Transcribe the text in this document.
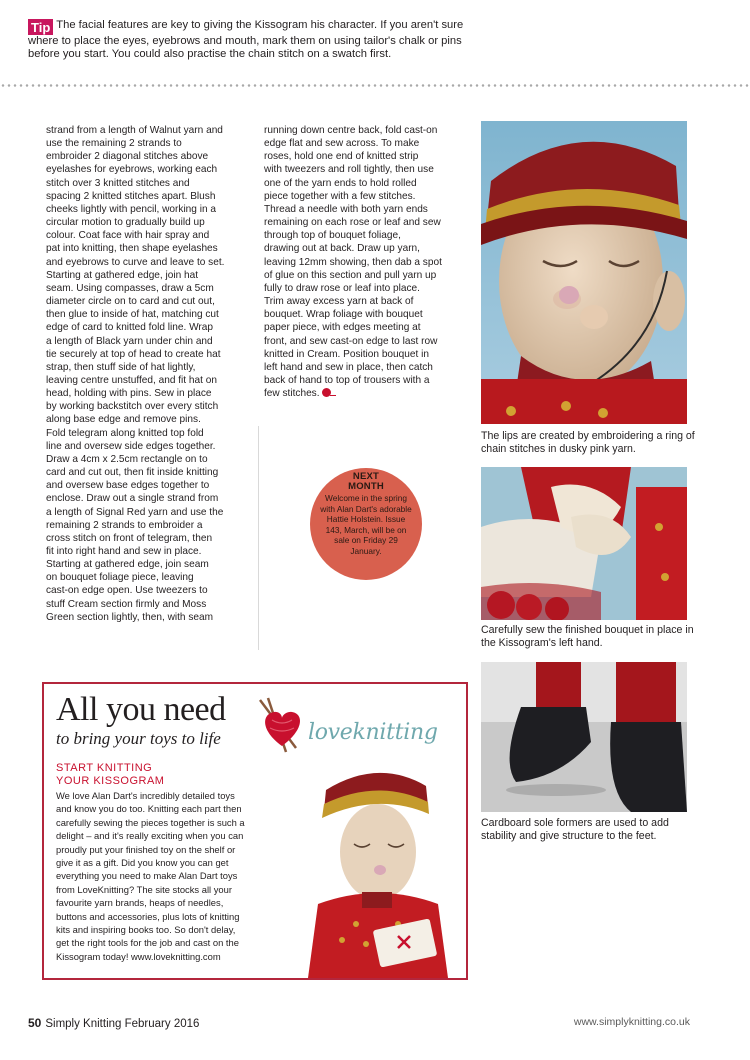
Tip The facial features are key to giving the Kissogram his character. If you aren't sure where to place the eyes, eyebrows and mouth, mark them on using tailor's chalk or pins before you start. You could also practise the chain stitch on a swatch first.
strand from a length of Walnut yarn and
use the remaining 2 strands to
embroider 2 diagonal stitches above
eyelashes for eyebrows, working each
stitch over 3 knitted stitches and
spacing 2 knitted stitches apart. Blush
cheeks lightly with pencil, working in a
circular motion to gradually build up
colour. Coat face with hair spray and
pat into knitting, then shape eyelashes
and eyebrows to curve and leave to set.
Starting at gathered edge, join hat
seam. Using compasses, draw a 5cm
diameter circle on to card and cut out,
then glue to inside of hat, matching cut
edge of card to knitted fold line. Wrap
a length of Black yarn under chin and
tie securely at top of head to create hat
strap, then stuff side of hat lightly,
leaving centre unstuffed, and fit hat on
head, holding with pins. Sew in place
by working backstitch over every stitch
along base edge and remove pins.
Fold telegram along knitted top fold
line and oversew side edges together.
Draw a 4cm x 2.5cm rectangle on to
card and cut out, then fit inside knitting
and oversew base edges together to
enclose. Draw out a single strand from
a length of Signal Red yarn and use the
remaining 2 strands to embroider a
cross stitch on front of telegram, then
fit into right hand and sew in place.
Starting at gathered edge, join seam
on bouquet foliage piece, leaving
cast-on edge open. Use tweezers to
stuff Cream section firmly and Moss
Green section lightly, then, with seam
running down centre back, fold cast-on
edge flat and sew across. To make
roses, hold one end of knitted strip
with tweezers and roll tightly, then use
one of the yarn ends to hold rolled
piece together with a few stitches.
Thread a needle with both yarn ends
remaining on each rose or leaf and sew
through top of bouquet foliage,
drawing out at back. Draw up yarn,
leaving 12mm showing, then dab a spot
of glue on this section and pull yarn up
fully to draw rose or leaf into place.
Trim away excess yarn at back of
bouquet. Wrap foliage with bouquet
paper piece, with edges meeting at
front, and sew cast-on edge to last row
knitted in Cream. Position bouquet in
left hand and sew in place, then catch
back of hand to top of trousers with a
few stitches.
NEXT
MONTH
Welcome in the spring with Alan Dart's adorable Hattie Holstein. Issue 143, March, will be on sale on Friday 29 January.
The lips are created by embroidering a ring of chain stitches in dusky pink yarn.
Carefully sew the finished bouquet in place in the Kissogram's left hand.
Cardboard sole formers are used to add stability and give structure to the feet.
All you need
to bring your toys to life
START KNITTING
YOUR KISSOGRAM
We love Alan Dart's incredibly detailed toys
and know you do too. Knitting each part then
carefully sewing the pieces together is such a
delight – and it's really exciting when you can
proudly put your finished toy on the shelf or
give it as a gift. Did you know you can get
everything you need to make Alan Dart toys
from LoveKnitting? The site stocks all your
favourite yarn brands, heaps of needles,
buttons and accessories, plus lots of knitting
kits and inspiring books too. So don't delay,
get the right tools for the job and cast on the
Kissogram today! www.loveknitting.com
loveknitting
50 Simply Knitting February 2016	www.simplyknitting.co.uk
